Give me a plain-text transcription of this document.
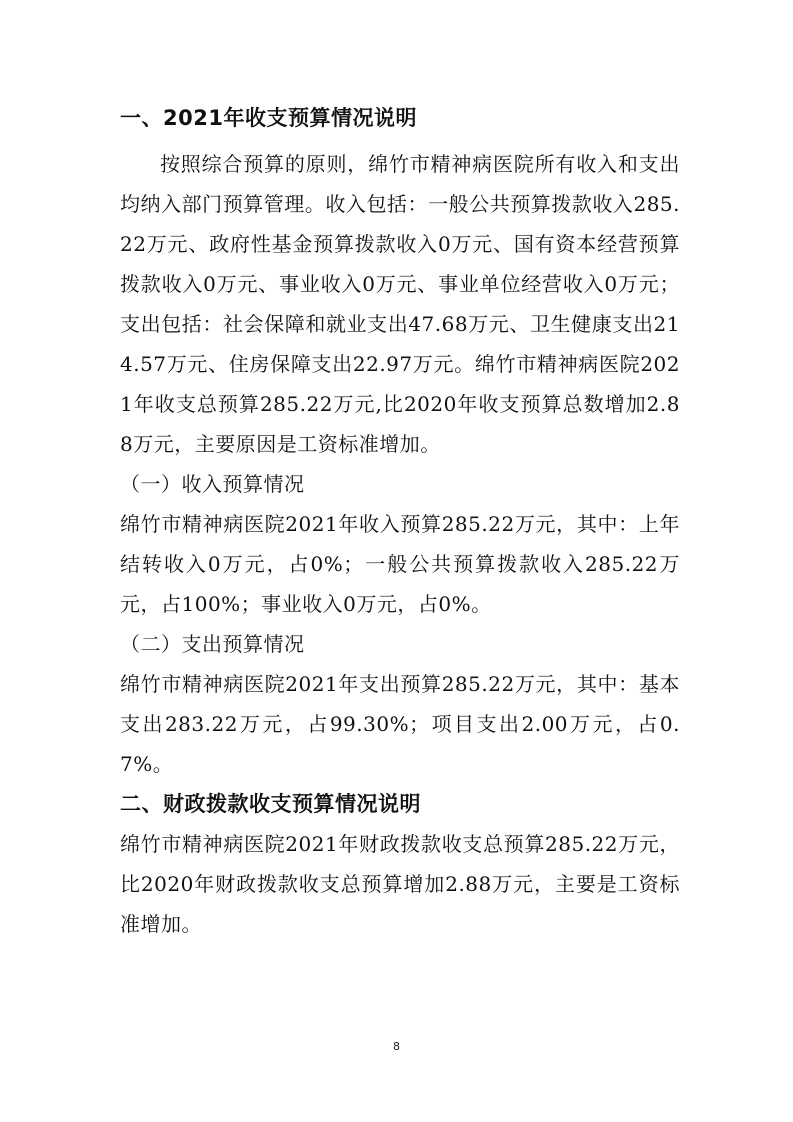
一、2021年收支预算情况说明

按照综合预算的原则，绵竹市精神病医院所有收入和支出均纳入部门预算管理。收入包括：一般公共预算拨款收入285.22万元、政府性基金预算拨款收入0万元、国有资本经营预算拨款收入0万元、事业收入0万元、事业单位经营收入0万元；支出包括：社会保障和就业支出47.68万元、卫生健康支出214.57万元、住房保障支出22.97万元。绵竹市精神病医院2021年收支总预算285.22万元,比2020年收支预算总数增加2.88万元，主要原因是工资标准增加。

（一）收入预算情况

绵竹市精神病医院2021年收入预算285.22万元，其中：上年结转收入0万元，占0%；一般公共预算拨款收入285.22万元，占100%；事业收入0万元，占0%。

（二）支出预算情况

绵竹市精神病医院2021年支出预算285.22万元，其中：基本支出283.22万元，占99.30%；项目支出2.00万元，占0.7%。

二、财政拨款收支预算情况说明

绵竹市精神病医院2021年财政拨款收支总预算285.22万元，比2020年财政拨款收支总预算增加2.88万元，主要是工资标准增加。

8
